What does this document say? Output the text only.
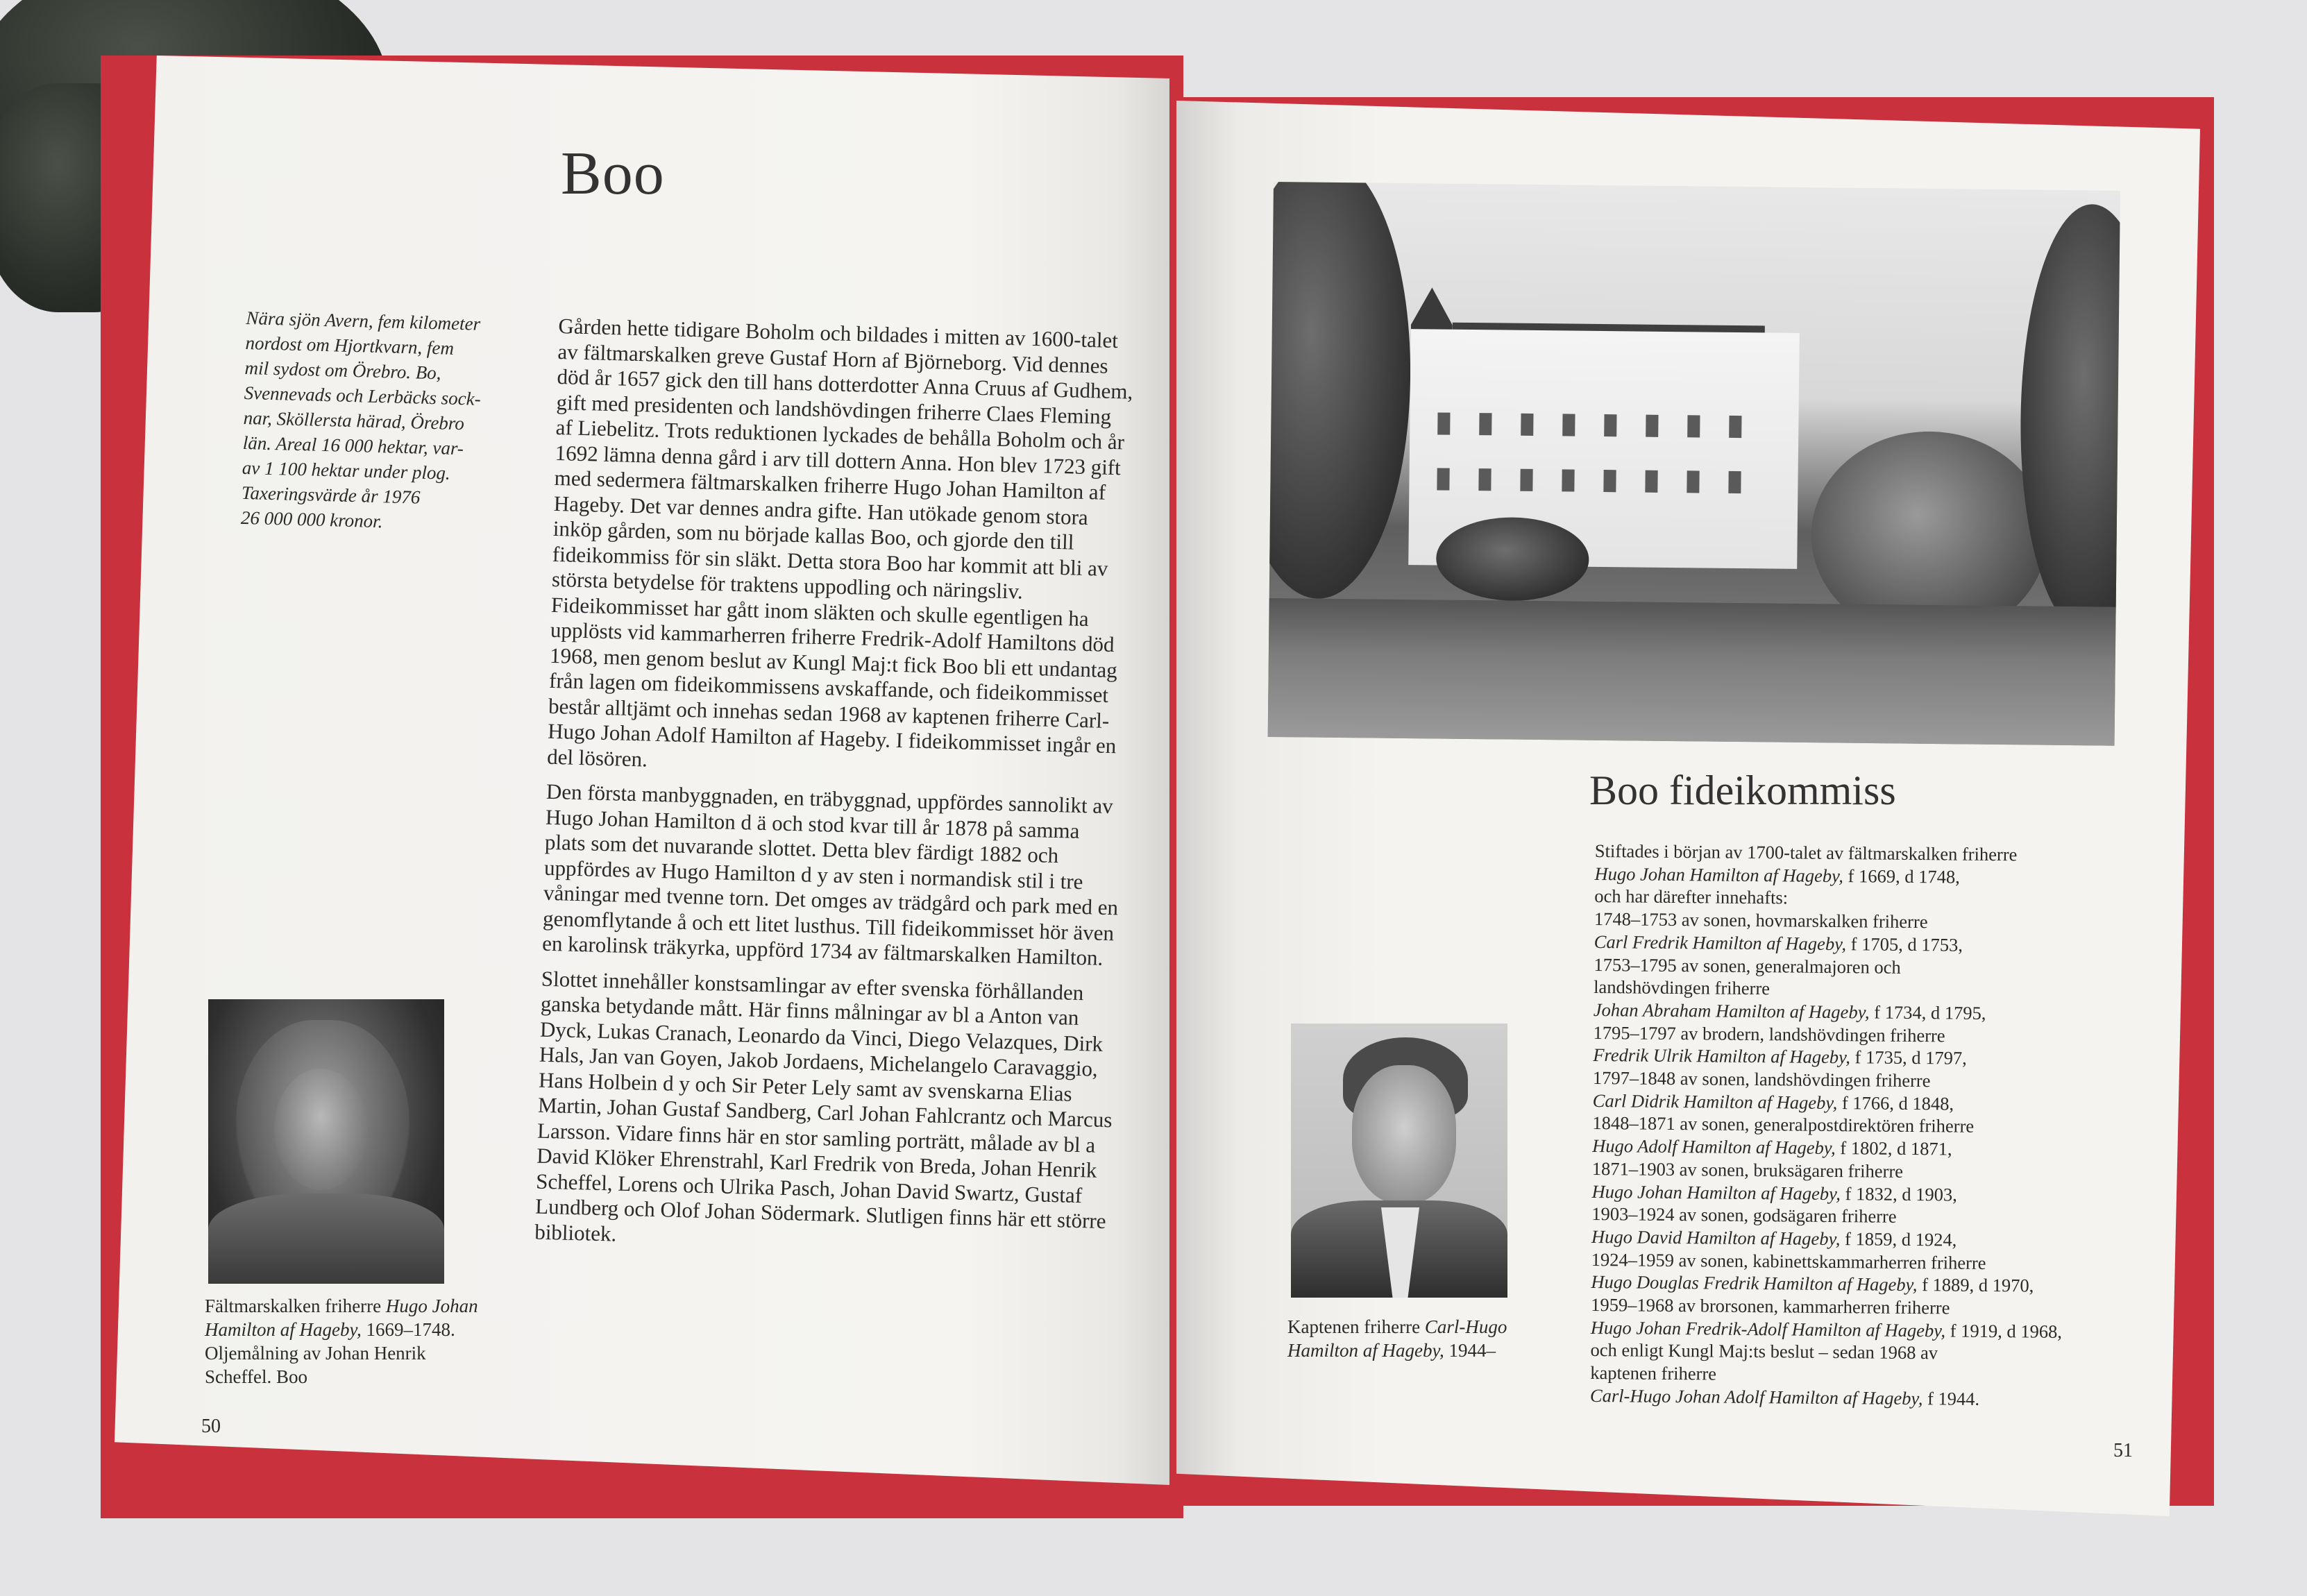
Boo
Nära sjön Avern, fem kilometer
nordost om Hjortkvarn, fem
mil sydost om Örebro. Bo,
Svennevads och Lerbäcks sock-
nar, Sköllersta härad, Örebro
län. Areal 16 000 hektar, var-
av 1 100 hektar under plog.
Taxeringsvärde år 1976
26 000 000 kronor.

Gården hette tidigare Boholm och bildades i mitten av 1600-talet av fältmarskalken greve Gustaf Horn af Björneborg. Vid dennes död år 1657 gick den till hans dotterdotter Anna Cruus af Gudhem, gift med presidenten och landshövdingen friherre Claes Fleming af Liebelitz. Trots reduktionen lyckades de behålla Boholm och år 1692 lämna denna gård i arv till dottern Anna. Hon blev 1723 gift med sedermera fältmarskalken friherre Hugo Johan Hamilton af Hageby. Det var dennes andra gifte. Han utökade genom stora inköp gården, som nu började kallas Boo, och gjorde den till fideikommiss för sin släkt. Detta stora Boo har kommit att bli av största betydelse för traktens uppodling och näringsliv. Fideikommisset har gått inom släkten och skulle egentligen ha upplösts vid kammarherren friherre Fredrik-Adolf Hamiltons död 1968, men genom beslut av Kungl Maj:t fick Boo bli ett undantag från lagen om fideikommissens avskaffande, och fideikommisset består alltjämt och innehas sedan 1968 av kaptenen friherre Carl-Hugo Johan Adolf Hamilton af Hageby. I fideikommisset ingår en del lösören.

Den första manbyggnaden, en träbyggnad, uppfördes sannolikt av Hugo Johan Hamilton d ä och stod kvar till år 1878 på samma plats som det nuvarande slottet. Detta blev färdigt 1882 och uppfördes av Hugo Hamilton d y av sten i normandisk stil i tre våningar med tvenne torn. Det omges av trädgård och park med en genomflytande å och ett litet lusthus. Till fideikommisset hör även en karolinsk träkyrka, uppförd 1734 av fältmarskalken Hamilton.

Slottet innehåller konstsamlingar av efter svenska förhållanden ganska betydande mått. Här finns målningar av bl a Anton van Dyck, Lukas Cranach, Leonardo da Vinci, Diego Velazques, Dirk Hals, Jan van Goyen, Jakob Jordaens, Michelangelo Caravaggio, Hans Holbein d y och Sir Peter Lely samt av svenskarna Elias Martin, Johan Gustaf Sandberg, Carl Johan Fahlcrantz och Marcus Larsson. Vidare finns här en stor samling porträtt, målade av bl a David Klöker Ehrenstrahl, Karl Fredrik von Breda, Johan Henrik Scheffel, Lorens och Ulrika Pasch, Johan David Swartz, Gustaf Lundberg och Olof Johan Södermark. Slutligen finns här ett större bibliotek.

Fältmarskalken friherre Hugo Johan Hamilton af Hageby, 1669–1748. Oljemålning av Johan Henrik Scheffel. Boo
50
Boo fideikommiss
Kaptenen friherre Carl-Hugo Hamilton af Hageby, 1944–
Stiftades i början av 1700-talet av fältmarskalken friherre
Hugo Johan Hamilton af Hageby, f 1669, d 1748,
och har därefter innehafts:
1748–1753 av sonen, hovmarskalken friherre
Carl Fredrik Hamilton af Hageby, f 1705, d 1753,
1753–1795 av sonen, generalmajoren och
landshövdingen friherre
Johan Abraham Hamilton af Hageby, f 1734, d 1795,
1795–1797 av brodern, landshövdingen friherre
Fredrik Ulrik Hamilton af Hageby, f 1735, d 1797,
1797–1848 av sonen, landshövdingen friherre
Carl Didrik Hamilton af Hageby, f 1766, d 1848,
1848–1871 av sonen, generalpostdirektören friherre
Hugo Adolf Hamilton af Hageby, f 1802, d 1871,
1871–1903 av sonen, bruksägaren friherre
Hugo Johan Hamilton af Hageby, f 1832, d 1903,
1903–1924 av sonen, godsägaren friherre
Hugo David Hamilton af Hageby, f 1859, d 1924,
1924–1959 av sonen, kabinettskammarherren friherre
Hugo Douglas Fredrik Hamilton af Hageby, f 1889, d 1970,
1959–1968 av brorsonen, kammarherren friherre
Hugo Johan Fredrik-Adolf Hamilton af Hageby, f 1919, d 1968,
och enligt Kungl Maj:ts beslut – sedan 1968 av
kaptenen friherre
Carl-Hugo Johan Adolf Hamilton af Hageby, f 1944.
51
